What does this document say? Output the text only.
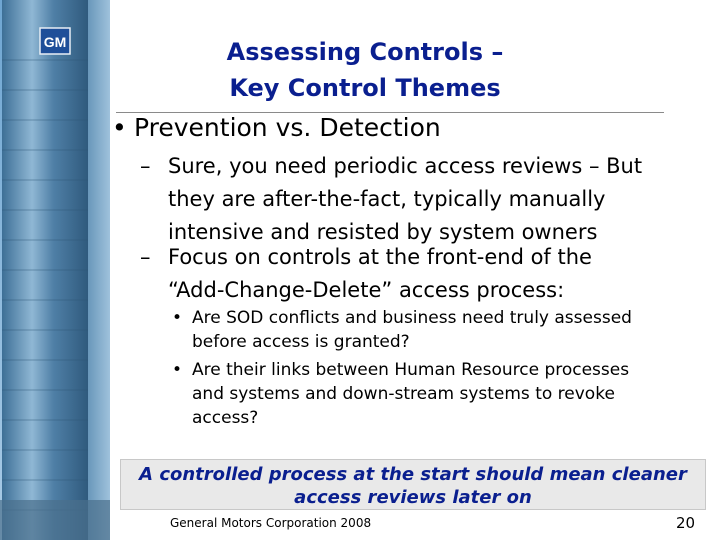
GM	Assessing Controls –
Key Control Themes
• Prevention vs. Detection
– Sure, you need periodic access reviews – But
they are after-the-fact, typically manually
intensive and resisted by system owners
– Focus on controls at the front-end of the
“Add-Change-Delete” access process:
• Are SOD conflicts and business need truly assessed
before access is granted?
• Are their links between Human Resource processes
and systems and down-stream systems to revoke
access?
A controlled process at the start should mean cleaner
access reviews later on
General Motors Corporation 2008	20
